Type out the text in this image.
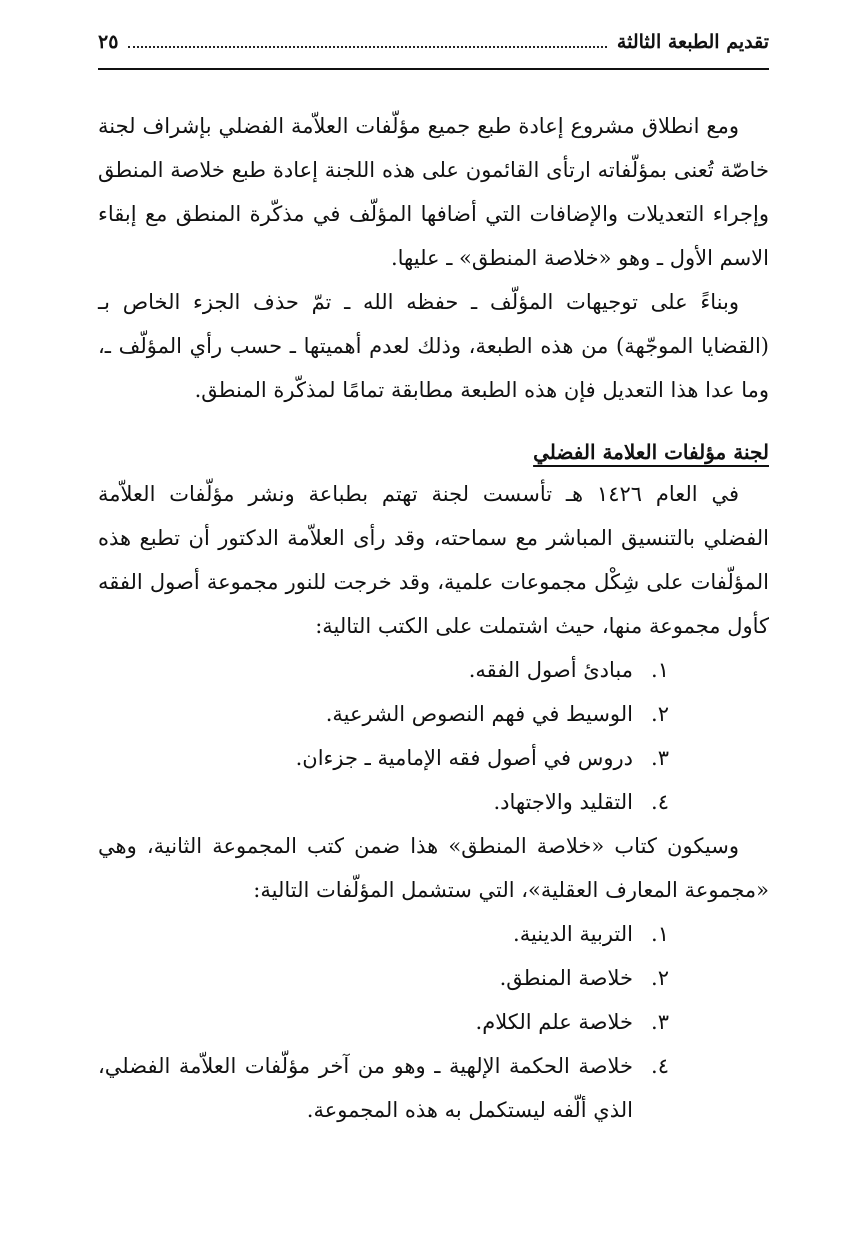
تقديم الطبعة الثالثة
٢٥

ومع انطلاق مشروع إعادة طبع جميع مؤلّفات العلاّمة الفضلي بإشراف لجنة خاصّة تُعنى بمؤلّفاته ارتأى القائمون على هذه اللجنة إعادة طبع خلاصة المنطق وإجراء التعديلات والإضافات التي أضافها المؤلّف في مذكّرة المنطق مع إبقاء الاسم الأول ـ وهو «خلاصة المنطق» ـ عليها.

وبناءً على توجيهات المؤلّف ـ حفظه الله ـ تمّ حذف الجزء الخاص بـ (القضايا الموجّهة) من هذه الطبعة، وذلك لعدم أهميتها ـ حسب رأي المؤلّف ـ، وما عدا هذا التعديل فإن هذه الطبعة مطابقة تمامًا لمذكّرة المنطق.

لجنة مؤلفات العلامة الفضلي

في العام ١٤٢٦ هـ تأسست لجنة تهتم بطباعة ونشر مؤلّفات العلاّمة الفضلي بالتنسيق المباشر مع سماحته، وقد رأى العلاّمة الدكتور أن تطبع هذه المؤلّفات على شِكْل مجموعات علمية، وقد خرجت للنور مجموعة أصول الفقه كأول مجموعة منها، حيث اشتملت على الكتب التالية:

١.
مبادئ أصول الفقه.
٢.
الوسيط في فهم النصوص الشرعية.
٣.
دروس في أصول فقه الإمامية ـ جزءان.
٤.
التقليد والاجتهاد.

وسيكون كتاب «خلاصة المنطق» هذا ضمن كتب المجموعة الثانية، وهي «مجموعة المعارف العقلية»، التي ستشمل المؤلّفات التالية:

١.
التربية الدينية.
٢.
خلاصة المنطق.
٣.
خلاصة علم الكلام.
٤.
خلاصة الحكمة الإلهية ـ وهو من آخر مؤلّفات العلاّمة الفضلي، الذي ألّفه ليستكمل به هذه المجموعة.
